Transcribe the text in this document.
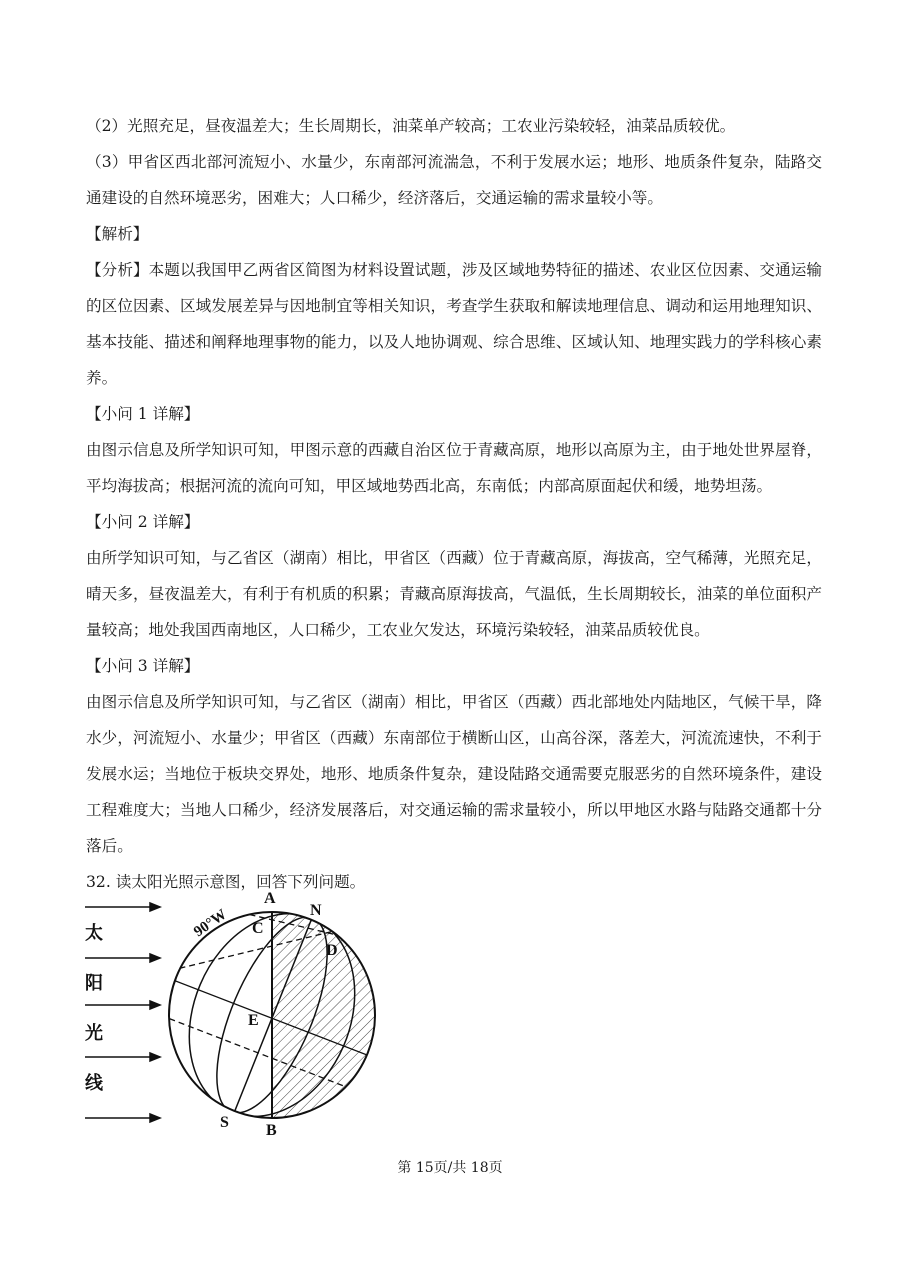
（2）光照充足，昼夜温差大；生长周期长，油菜单产较高；工农业污染较轻，油菜品质较优。

（3）甲省区西北部河流短小、水量少，东南部河流湍急，不利于发展水运；地形、地质条件复杂，陆路交通建设的自然环境恶劣，困难大；人口稀少，经济落后，交通运输的需求量较小等。

【解析】

【分析】本题以我国甲乙两省区简图为材料设置试题，涉及区域地势特征的描述、农业区位因素、交通运输的区位因素、区域发展差异与因地制宜等相关知识，考查学生获取和解读地理信息、调动和运用地理知识、基本技能、描述和阐释地理事物的能力，以及人地协调观、综合思维、区域认知、地理实践力的学科核心素养。

【小问 1 详解】

由图示信息及所学知识可知，甲图示意的西藏自治区位于青藏高原，地形以高原为主，由于地处世界屋脊，平均海拔高；根据河流的流向可知，甲区域地势西北高，东南低；内部高原面起伏和缓，地势坦荡。

【小问 2 详解】

由所学知识可知，与乙省区（湖南）相比，甲省区（西藏）位于青藏高原，海拔高，空气稀薄，光照充足，晴天多，昼夜温差大，有利于有机质的积累；青藏高原海拔高，气温低，生长周期较长，油菜的单位面积产量较高；地处我国西南地区，人口稀少，工农业欠发达，环境污染较轻，油菜品质较优良。

【小问 3 详解】

由图示信息及所学知识可知，与乙省区（湖南）相比，甲省区（西藏）西北部地处内陆地区，气候干旱，降水少，河流短小、水量少；甲省区（西藏）东南部位于横断山区，山高谷深，落差大，河流流速快，不利于发展水运；当地位于板块交界处，地形、地质条件复杂，建设陆路交通需要克服恶劣的自然环境条件，建设工程难度大；当地人口稀少，经济发展落后，对交通运输的需求量较小，所以甲地区水路与陆路交通都十分落后。

32. 读太阳光照示意图，回答下列问题。

太
阳
光
线
90°W
A
N
C
D
E
S B
第 15页/共 18页
